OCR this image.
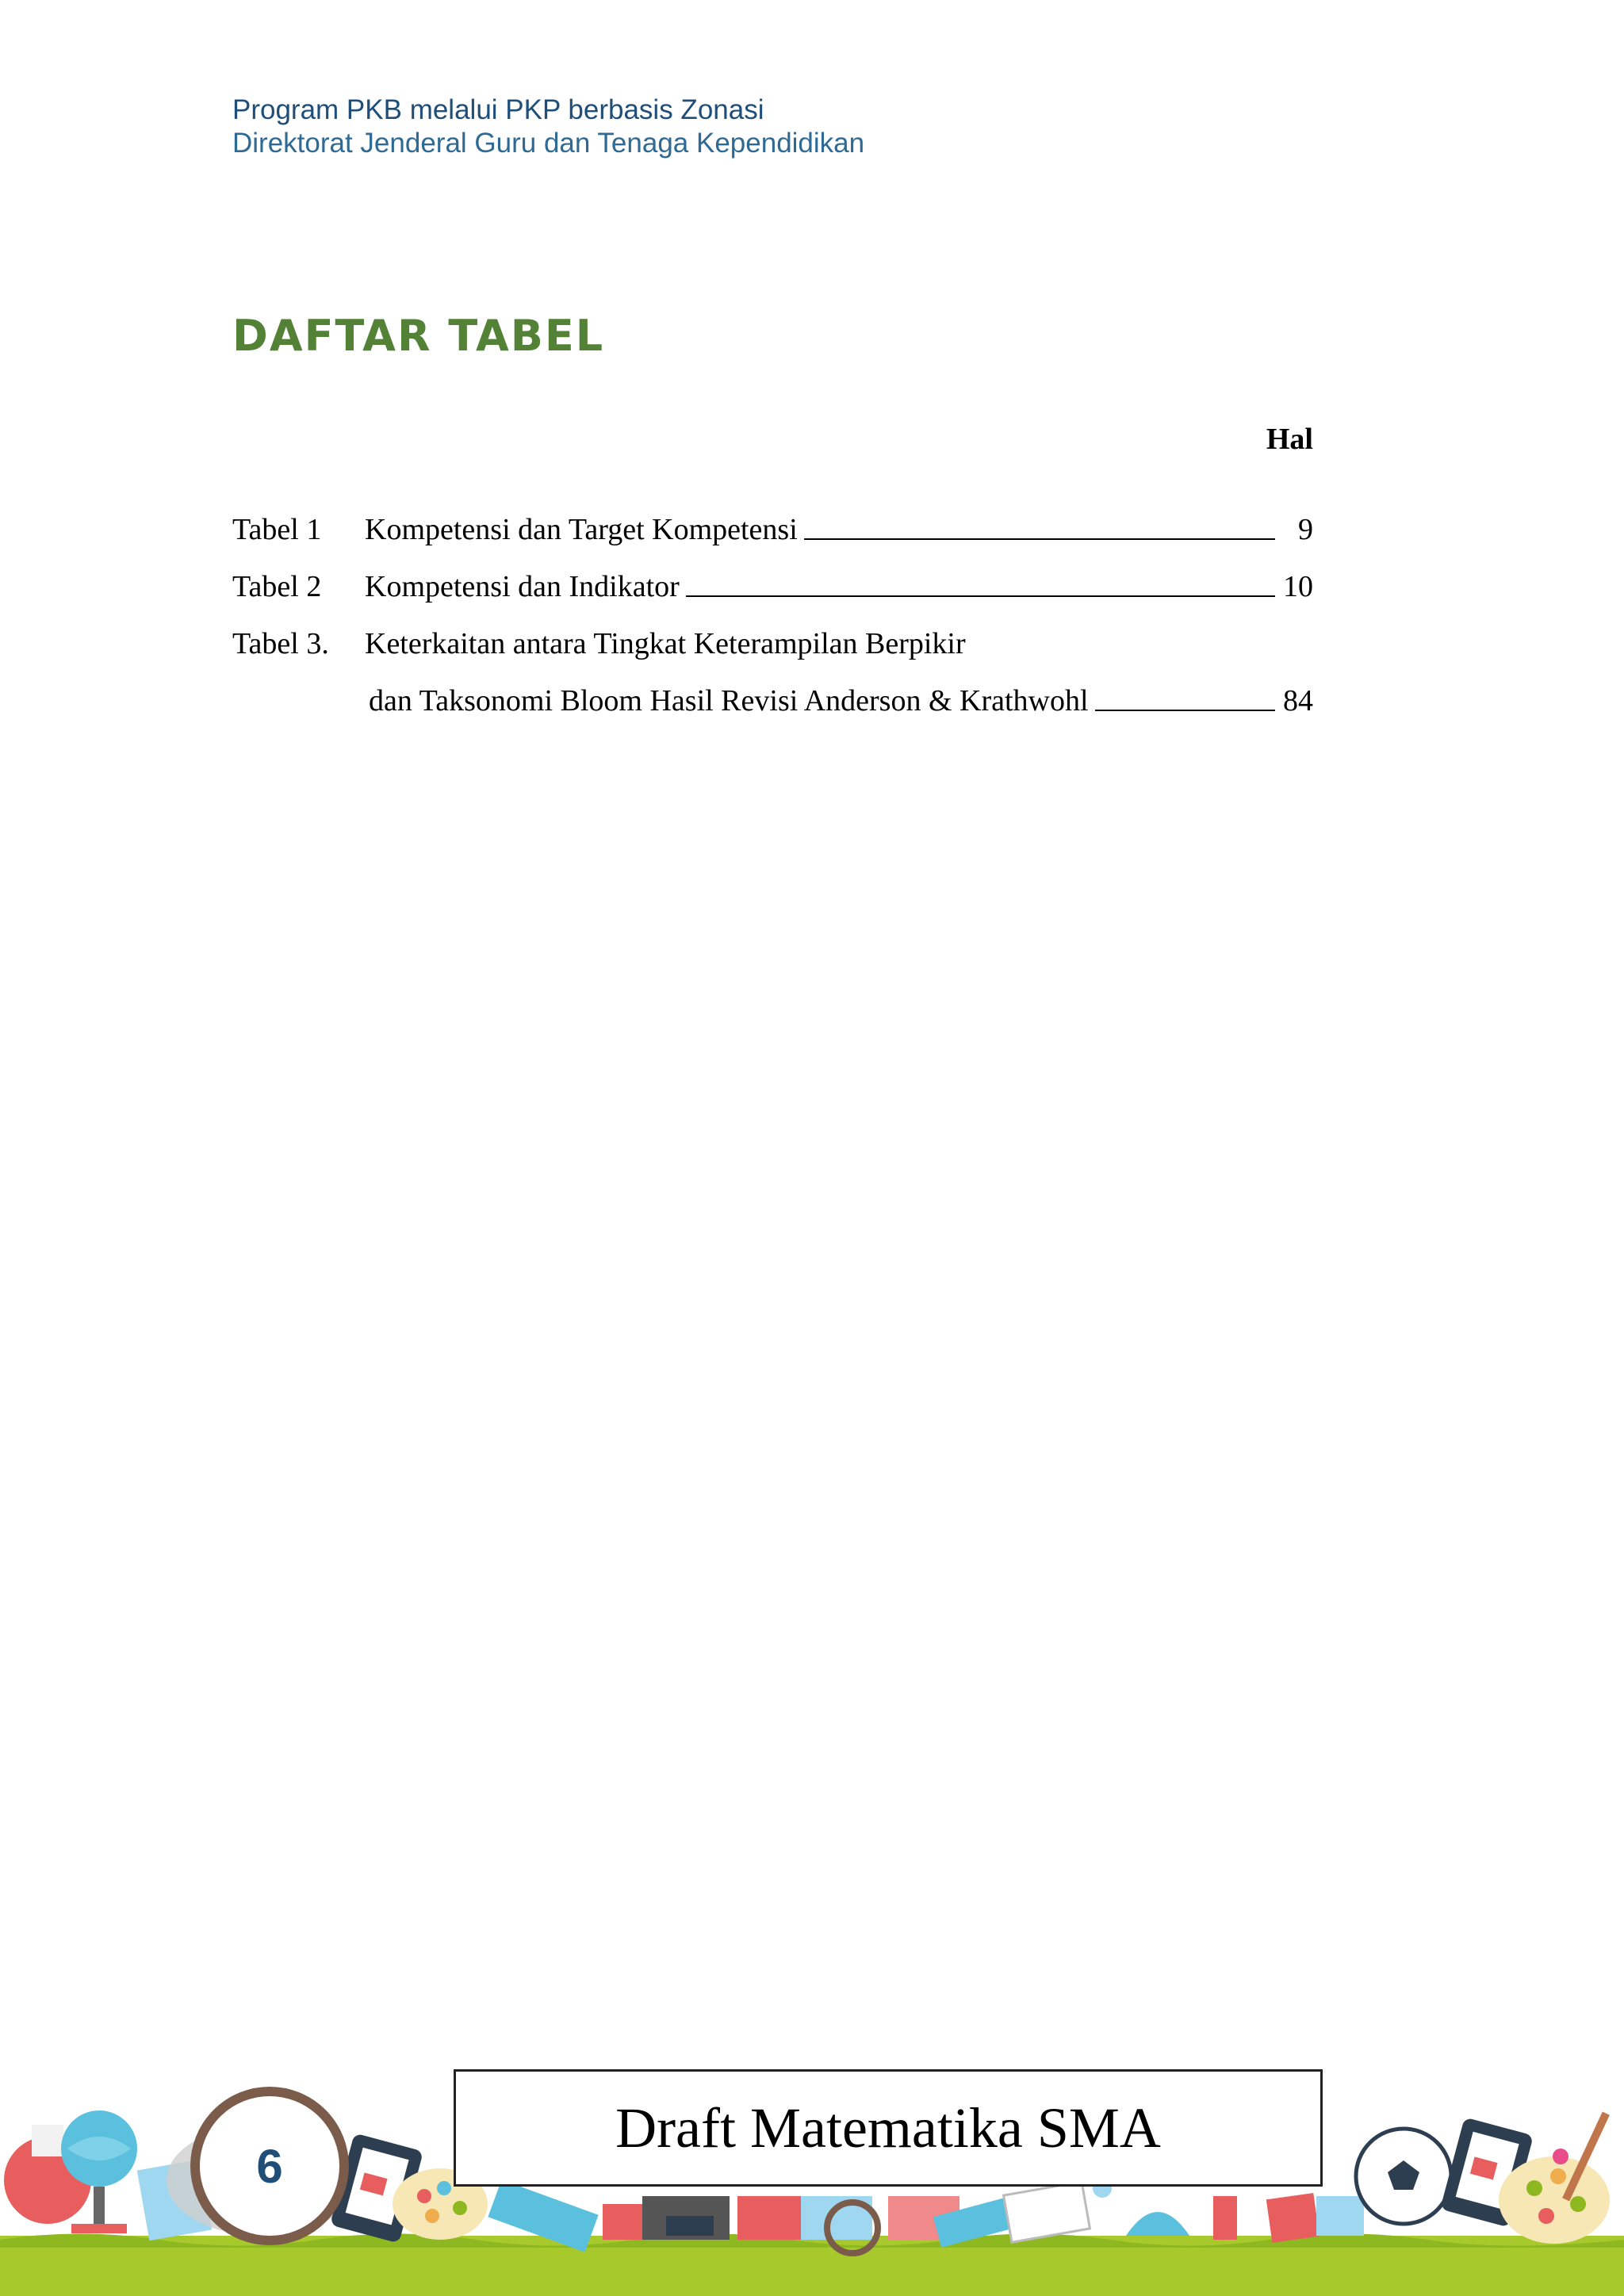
Program PKB melalui PKP berbasis Zonasi
Direktorat Jenderal Guru dan Tenaga Kependidikan
DAFTAR TABEL
Hal
Tabel 1	Kompetensi dan Target Kompetensi	9
Tabel 2	Kompetensi dan Indikator	10
Tabel 3.	Keterkaitan antara Tingkat Keterampilan Berpikir
dan Taksonomi Bloom Hasil Revisi Anderson & Krathwohl	84
6
Draft Matematika SMA
